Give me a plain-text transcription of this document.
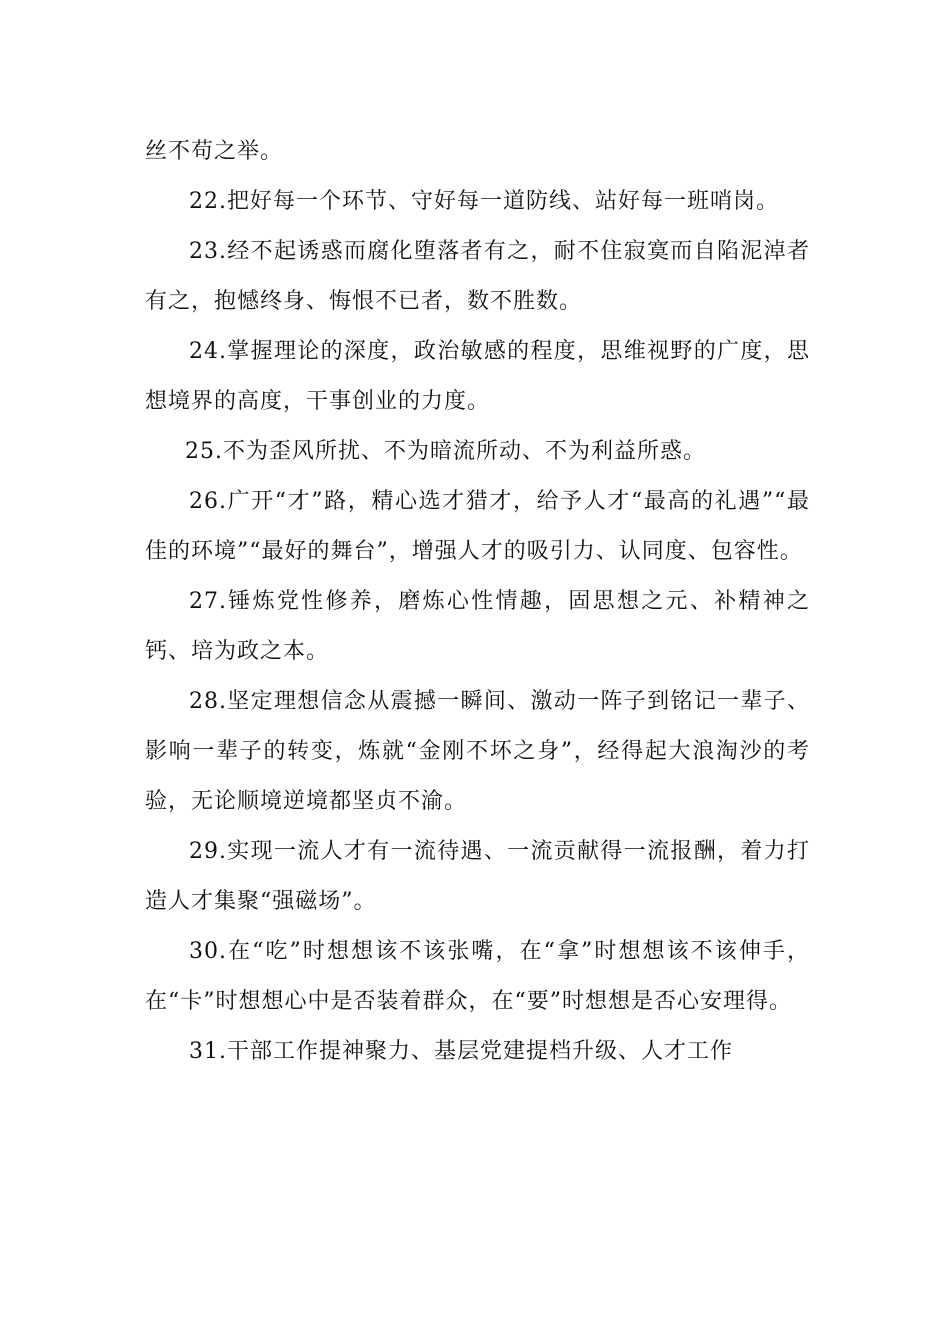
丝不苟之举。

22.把好每一个环节、守好每一道防线、站好每一班哨岗。

23.经不起诱惑而腐化堕落者有之，耐不住寂寞而自陷泥淖者有之，抱憾终身、悔恨不已者，数不胜数。

24.掌握理论的深度，政治敏感的程度，思维视野的广度，思想境界的高度，干事创业的力度。

25.不为歪风所扰、不为暗流所动、不为利益所惑。

26.广开“才”路，精心选才猎才，给予人才“最高的礼遇”“最佳的环境”“最好的舞台”，增强人才的吸引力、认同度、包容性。

27.锤炼党性修养，磨炼心性情趣，固思想之元、补精神之钙、培为政之本。

28.坚定理想信念从震撼一瞬间、激动一阵子到铭记一辈子、影响一辈子的转变，炼就“金刚不坏之身”，经得起大浪淘沙的考验，无论顺境逆境都坚贞不渝。

29.实现一流人才有一流待遇、一流贡献得一流报酬，着力打造人才集聚“强磁场”。

30.在“吃”时想想该不该张嘴，在“拿”时想想该不该伸手，在“卡”时想想心中是否装着群众，在“要”时想想是否心安理得。

31.干部工作提神聚力、基层党建提档升级、人才工作
